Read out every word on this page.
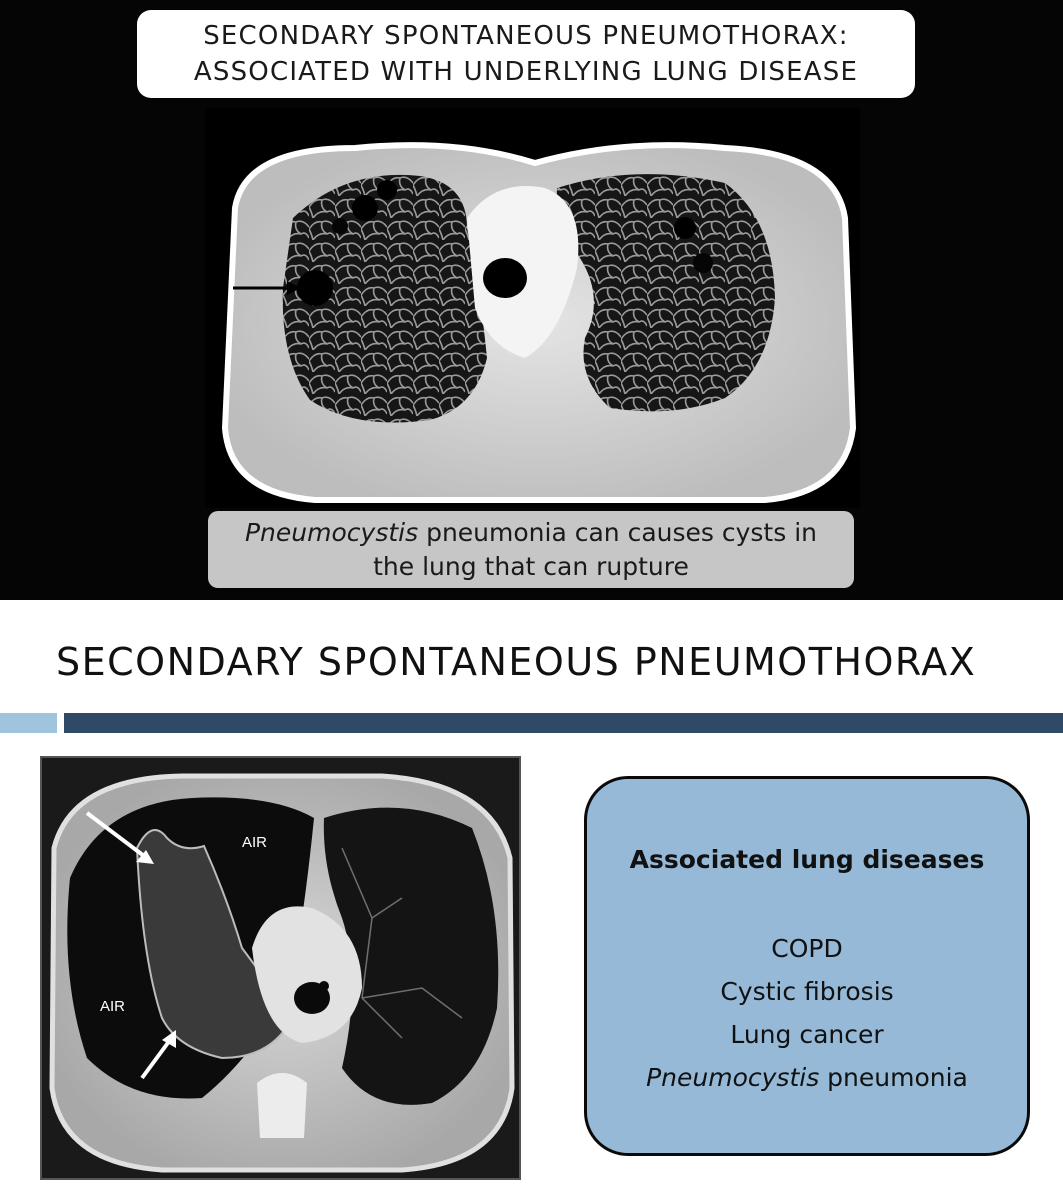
SECONDARY SPONTANEOUS PNEUMOTHORAX:
ASSOCIATED WITH UNDERLYING LUNG DISEASE
Pneumocystis pneumonia can causes cysts in
the lung that can rupture
SECONDARY SPONTANEOUS PNEUMOTHORAX
AIR
AIR
Associated lung diseases
COPD
Cystic fibrosis
Lung cancer
Pneumocystis pneumonia
